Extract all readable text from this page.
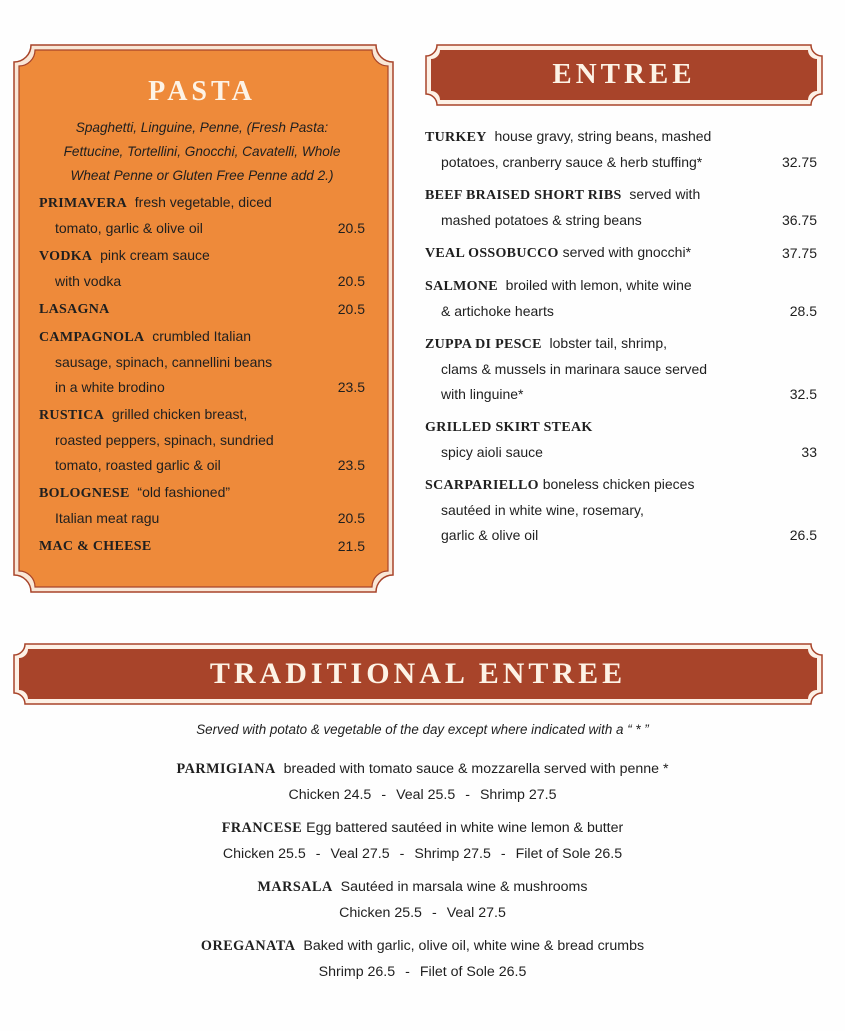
PASTA
Spaghetti, Linguine, Penne, (Fresh Pasta:
Fettucine, Tortellini, Gnocchi, Cavatelli, Whole
Wheat Penne or Gluten Free Penne add 2.)
PRIMAVERA fresh vegetable, diced
tomato, garlic & olive oil	20.5
VODKA pink cream sauce
with vodka	20.5
LASAGNA	20.5
CAMPAGNOLA crumbled Italian
sausage, spinach, cannellini beans
in a white brodino	23.5
RUSTICA grilled chicken breast,
roasted peppers, spinach, sundried
tomato, roasted garlic & oil	23.5
BOLOGNESE “old fashioned”
Italian meat ragu	20.5
MAC & CHEESE	21.5
ENTREE
TURKEY house gravy, string beans, mashed
potatoes, cranberry sauce & herb stuffing*	32.75
BEEF BRAISED SHORT RIBS served with
mashed potatoes & string beans	36.75
VEAL OSSOBUCCO served with gnocchi*	37.75
SALMONE broiled with lemon, white wine
& artichoke hearts	28.5
ZUPPA DI PESCE lobster tail, shrimp,
clams & mussels in marinara sauce served
with linguine*	32.5
GRILLED SKIRT STEAK
spicy aioli sauce	33
SCARPARIELLO boneless chicken pieces
sautéed in white wine, rosemary,
garlic & olive oil	26.5
TRADITIONAL ENTREE
Served with potato & vegetable of the day except where indicated with a “ * ”
PARMIGIANA breaded with tomato sauce & mozzarella served with penne *
Chicken 24.5 - Veal 25.5 - Shrimp 27.5
FRANCESE Egg battered sautéed in white wine lemon & butter
Chicken 25.5 - Veal 27.5 - Shrimp 27.5 - Filet of Sole 26.5
MARSALA Sautéed in marsala wine & mushrooms
Chicken 25.5 - Veal 27.5
OREGANATA Baked with garlic, olive oil, white wine & bread crumbs
Shrimp 26.5 - Filet of Sole 26.5
